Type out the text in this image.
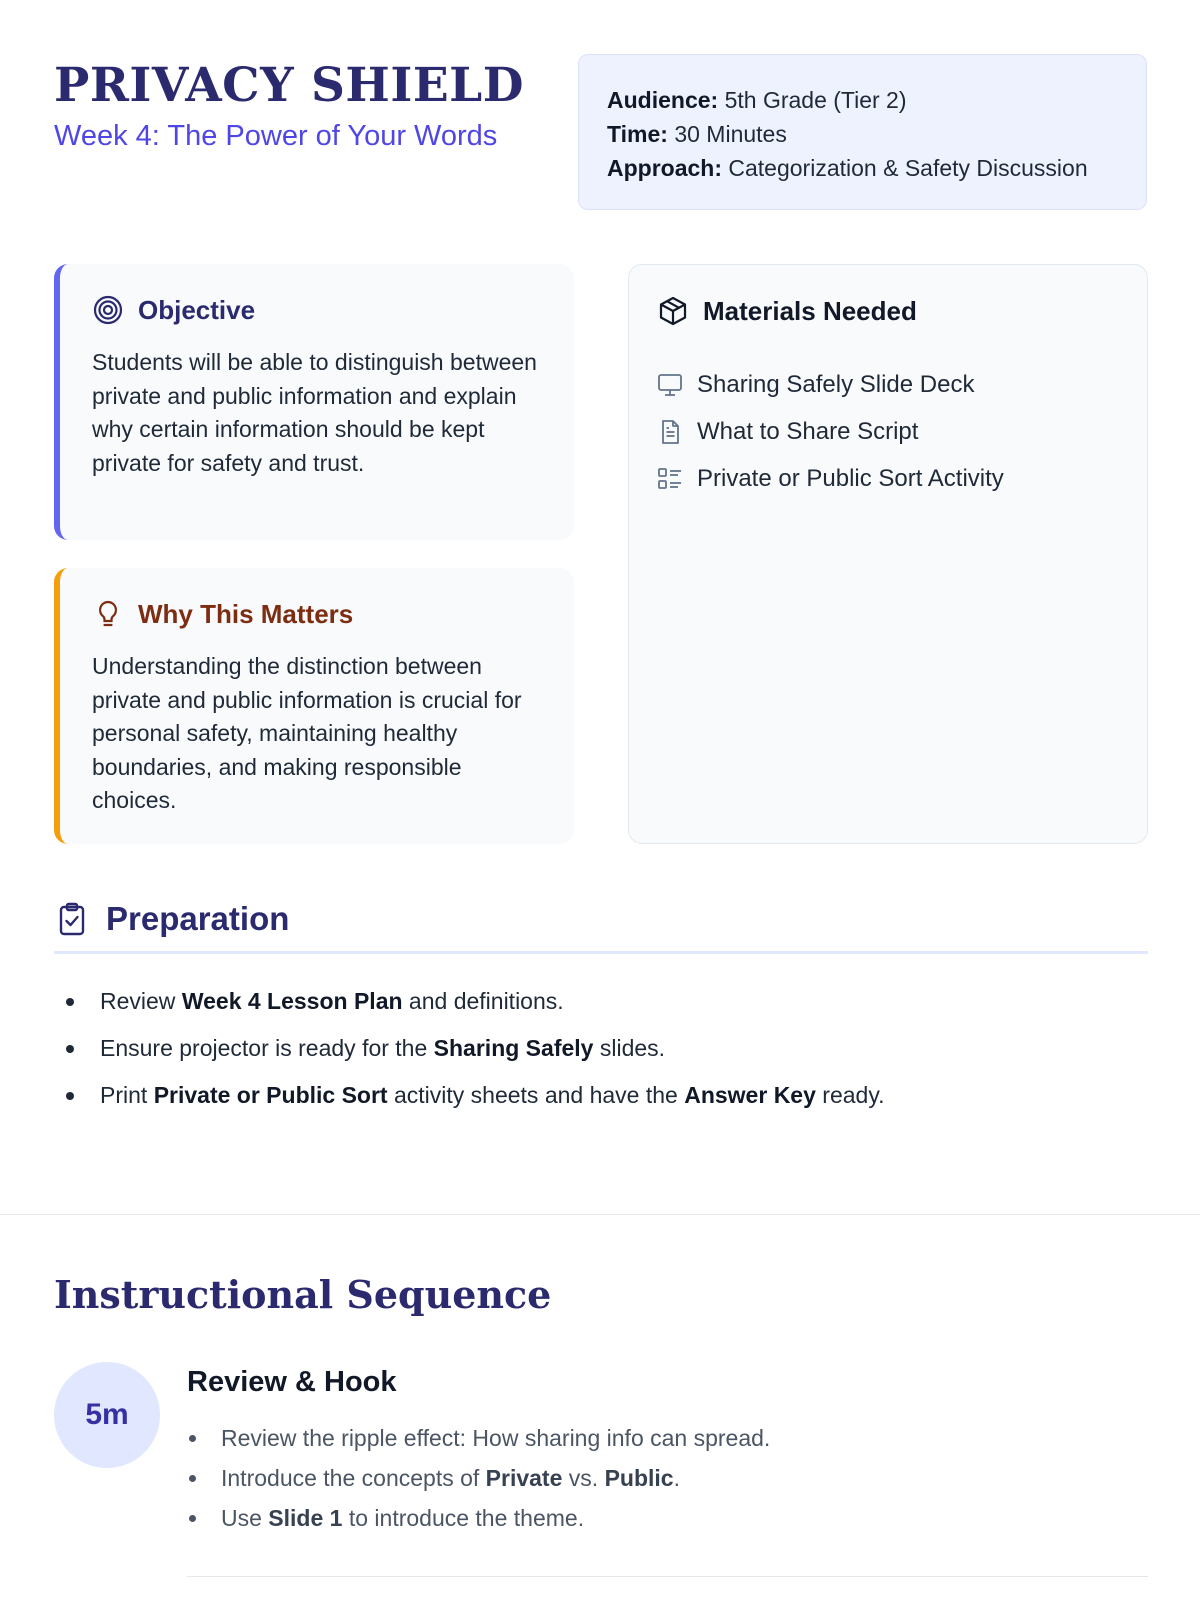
PRIVACY SHIELD
Week 4: The Power of Your Words
Audience: 5th Grade (Tier 2)
Time: 30 Minutes
Approach: Categorization & Safety Discussion
Objective
Students will be able to distinguish between private and public information and explain why certain information should be kept private for safety and trust.
Why This Matters
Understanding the distinction between private and public information is crucial for personal safety, maintaining healthy boundaries, and making responsible choices.
Materials Needed
Sharing Safely Slide Deck
What to Share Script
Private or Public Sort Activity
Preparation
Review Week 4 Lesson Plan and definitions.
Ensure projector is ready for the Sharing Safely slides.
Print Private or Public Sort activity sheets and have the Answer Key ready.
Instructional Sequence
5m
Review & Hook
Review the ripple effect: How sharing info can spread.
Introduce the concepts of Private vs. Public.
Use Slide 1 to introduce the theme.
